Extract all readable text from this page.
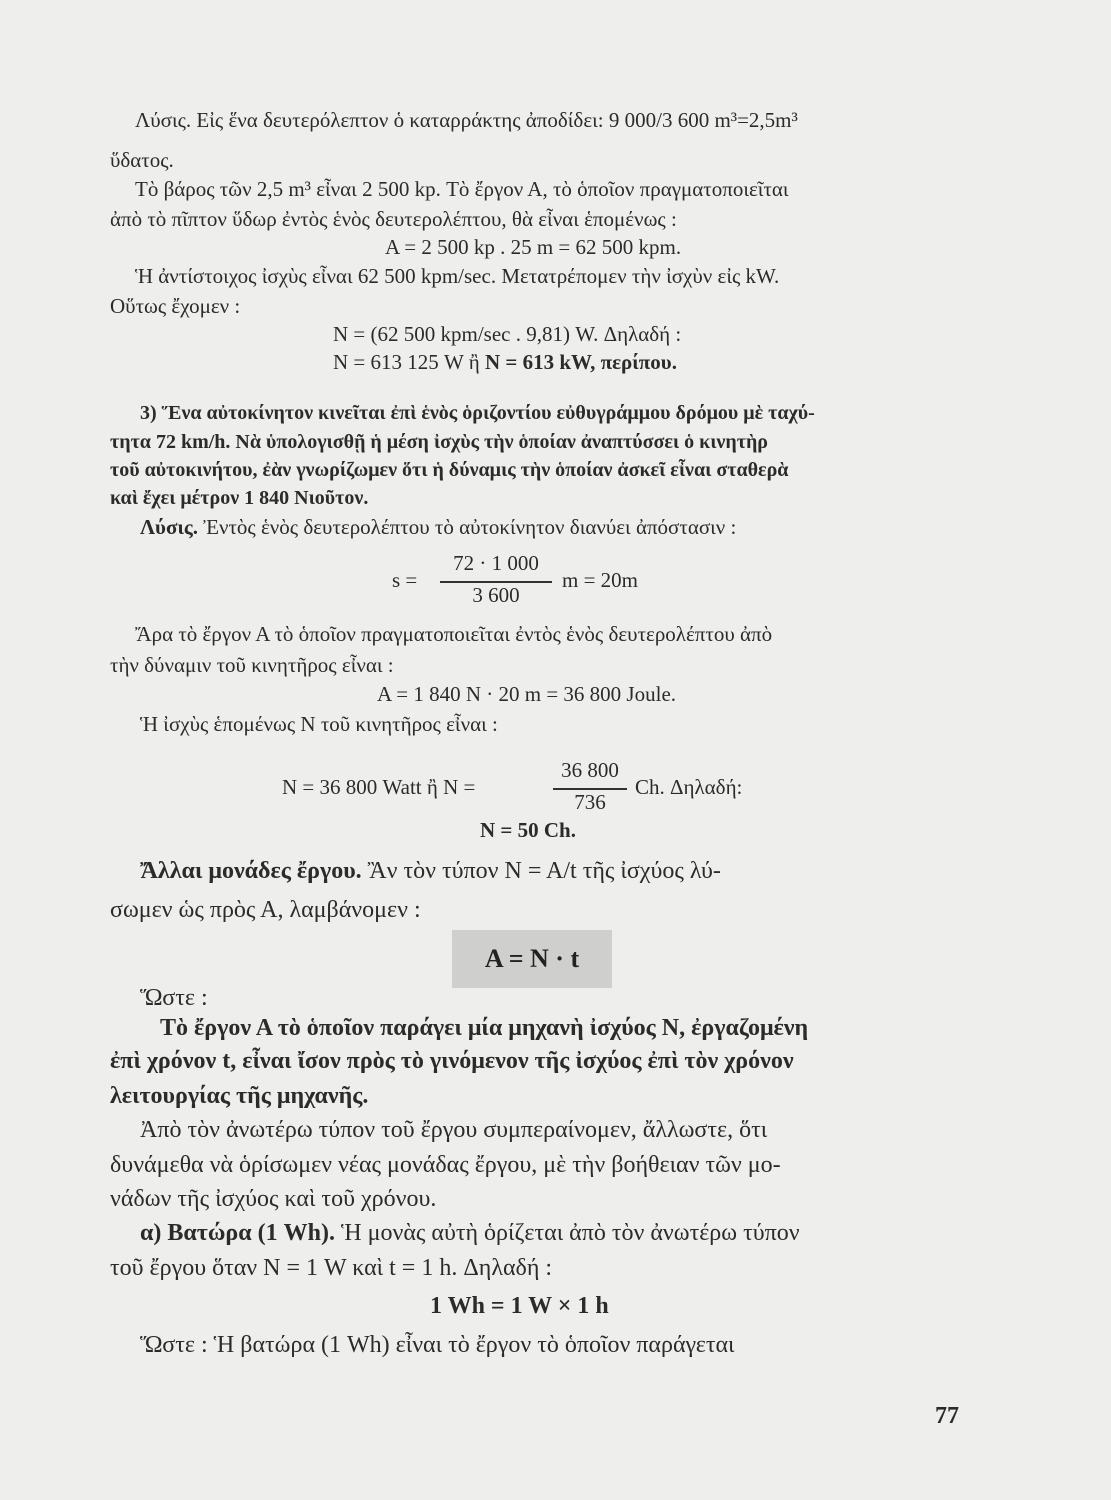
Λύσις. Εἰς ἕνα δευτερόλεπτον ὁ καταρράκτης ἀποδίδει: 9 000/3 600 m³=2,5m³
ὕδατος.
Τὸ βάρος τῶν 2,5 m³ εἶναι 2 500 kp. Τὸ ἔργον Α, τὸ ὁποῖον πραγματοποιεῖται
ἀπὸ τὸ πῖπτον ὕδωρ ἐντὸς ἑνὸς δευτερολέπτου, θὰ εἶναι ἑπομένως :
Α = 2 500 kp . 25 m = 62 500 kpm.
Ἡ ἀντίστοιχος ἰσχὺς εἶναι 62 500 kpm/sec. Μετατρέπομεν τὴν ἰσχὺν εἰς kW.
Οὕτως ἔχομεν :
Ν = (62 500 kpm/sec . 9,81) W. Δηλαδή :
Ν = 613 125 W ἢ Ν = 613 kW, περίπου.
3) Ἕνα αὐτοκίνητον κινεῖται ἐπὶ ἑνὸς ὁριζοντίου εὐθυγράμμου δρόμου μὲ ταχύ-
τητα 72 km/h. Νὰ ὑπολογισθῇ ἡ μέση ἰσχὺς τὴν ὁποίαν ἀναπτύσσει ὁ κινητὴρ
τοῦ αὐτοκινήτου, ἐὰν γνωρίζωμεν ὅτι ἡ δύναμις τὴν ὁποίαν ἀσκεῖ εἶναι σταθερὰ
καὶ ἔχει μέτρον 1 840 Νιοῦτον.
Λύσις. Ἐντὸς ἑνὸς δευτερολέπτου τὸ αὐτοκίνητον διανύει ἀπόστασιν :
s =
72 · 1 000
3 600
m = 20m
Ἄρα τὸ ἔργον Α τὸ ὁποῖον πραγματοποιεῖται ἐντὸς ἑνὸς δευτερολέπτου ἀπὸ
τὴν δύναμιν τοῦ κινητῆρος εἶναι :
Α = 1 840 Ν · 20 m = 36 800 Joule.
Ἡ ἰσχὺς ἑπομένως Ν τοῦ κινητῆρος εἶναι :
Ν = 36 800 Watt ἢ Ν =
36 800
736
Ch. Δηλαδή:
Ν = 50 Ch.
Ἄλλαι μονάδες ἔργου. Ἂν τὸν τύπον Ν = Α/t τῆς ἰσχύος λύ-
σωμεν ὡς πρὸς Α, λαμβάνομεν :
Α = Ν · t
Ὥστε :
Τὸ ἔργον Α τὸ ὁποῖον παράγει μία μηχανὴ ἰσχύος Ν, ἐργαζομένη
ἐπὶ χρόνον t, εἶναι ἴσον πρὸς τὸ γινόμενον τῆς ἰσχύος ἐπὶ τὸν χρόνον
λειτουργίας τῆς μηχανῆς.
Ἀπὸ τὸν ἀνωτέρω τύπον τοῦ ἔργου συμπεραίνομεν, ἄλλωστε, ὅτι
δυνάμεθα νὰ ὁρίσωμεν νέας μονάδας ἔργου, μὲ τὴν βοήθειαν τῶν μο-
νάδων τῆς ἰσχύος καὶ τοῦ χρόνου.
α) Βατώρα (1 Wh). Ἡ μονὰς αὐτὴ ὁρίζεται ἀπὸ τὸν ἀνωτέρω τύπον
τοῦ ἔργου ὅταν Ν = 1 W καὶ t = 1 h. Δηλαδή :
1 Wh = 1 W × 1 h
Ὥστε : Ἡ βατώρα (1 Wh) εἶναι τὸ ἔργον τὸ ὁποῖον παράγεται
77
